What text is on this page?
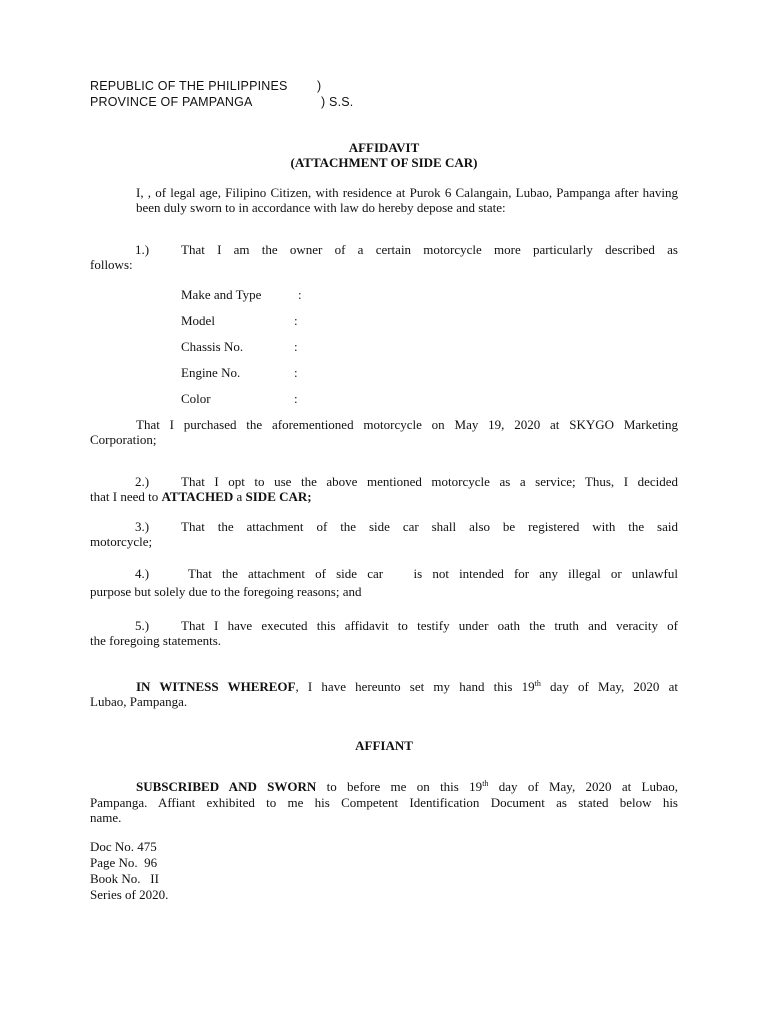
REPUBLIC OF THE PHILIPPINES )
PROVINCE OF PAMPANGA	) S.S.
AFFIDAVIT
(ATTACHMENT OF SIDE CAR)
I, , of legal age, Filipino Citizen, with residence at Purok 6 Calangain, Lubao, Pampanga after having been duly sworn to in accordance with law do hereby depose and state:
1.) That I am the owner of a certain motorcycle more particularly described as
follows:
Make and Type	:
Model	:
Chassis No.	:
Engine No.	:
Color	:
That I purchased the aforementioned motorcycle on May 19, 2020 at SKYGO Marketing
Corporation;
2.) That I opt to use the above mentioned motorcycle as a service; Thus, I decided
that I need to ATTACHED a SIDE CAR;
3.) That the attachment of the side car shall also be registered with the said
motorcycle;
4.)	That the attachment of side car   is not intended for any illegal or unlawful
purpose but solely due to the foregoing reasons; and
5.) That I have executed this affidavit to testify under oath the truth and veracity of
the foregoing statements.
IN WITNESS WHEREOF, I have hereunto set my hand this 19th day of May, 2020 at
Lubao, Pampanga.
AFFIANT
SUBSCRIBED AND SWORN to before me on this 19th day of May, 2020 at Lubao,
Pampanga. Affiant exhibited to me his Competent Identification Document as stated below his
name.
Doc No. 475
Page No.  96
Book No.   II
Series of 2020.
